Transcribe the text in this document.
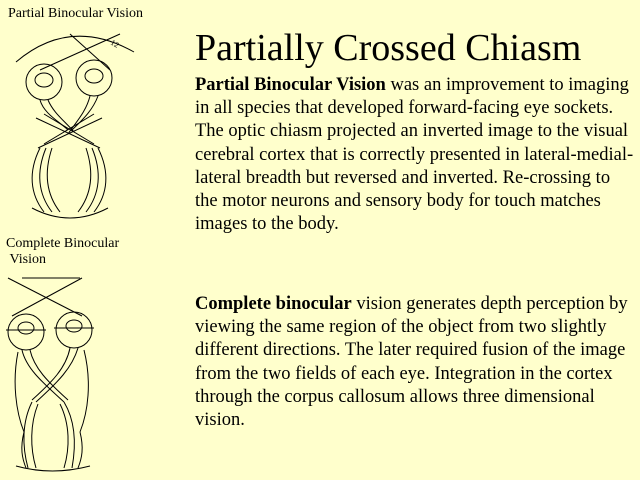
Partial Binocular Vision

12

Complete Binocular
Vision

Partially Crossed Chiasm

Partial Binocular Vision was an improvement to imaging in all species that developed forward-facing eye sockets. The optic chiasm projected an inverted image to the visual cerebral cortex that is correctly presented in lateral-medial-lateral breadth but reversed and inverted. Re-crossing to the motor neurons and sensory body for touch matches images to the body.

Complete binocular vision generates depth perception by viewing the same region of the object from two slightly different directions. The later required fusion of the image from the two fields of each eye. Integration in the cortex through the corpus callosum allows three dimensional vision.
